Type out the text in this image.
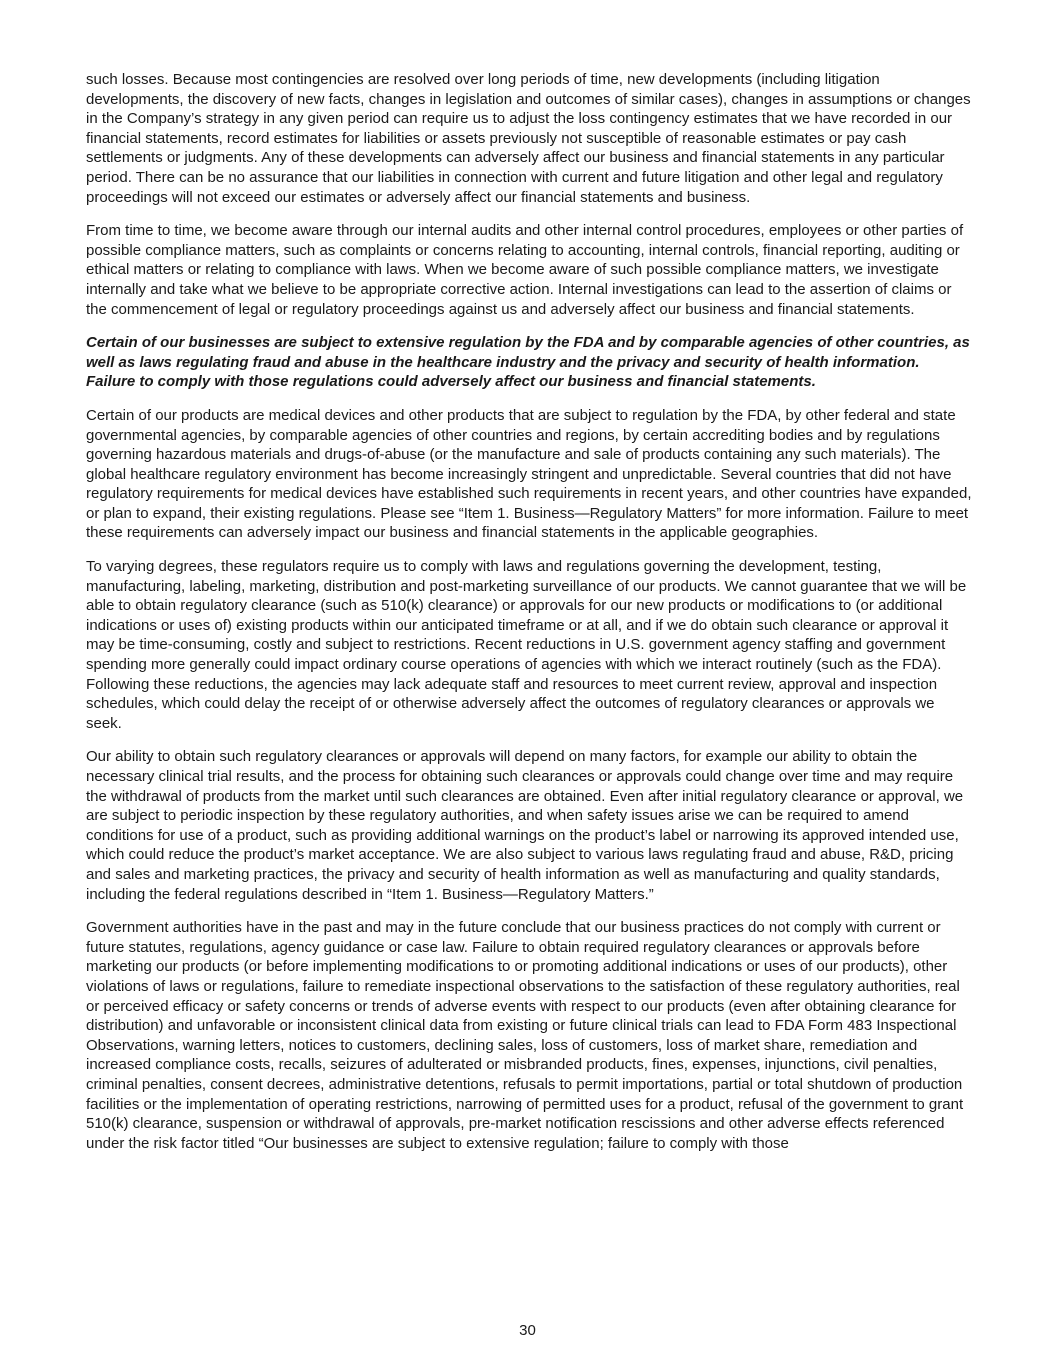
such losses. Because most contingencies are resolved over long periods of time, new developments (including litigation developments, the discovery of new facts, changes in legislation and outcomes of similar cases), changes in assumptions or changes in the Company’s strategy in any given period can require us to adjust the loss contingency estimates that we have recorded in our financial statements, record estimates for liabilities or assets previously not susceptible of reasonable estimates or pay cash settlements or judgments. Any of these developments can adversely affect our business and financial statements in any particular period. There can be no assurance that our liabilities in connection with current and future litigation and other legal and regulatory proceedings will not exceed our estimates or adversely affect our financial statements and business.

From time to time, we become aware through our internal audits and other internal control procedures, employees or other parties of possible compliance matters, such as complaints or concerns relating to accounting, internal controls, financial reporting, auditing or ethical matters or relating to compliance with laws. When we become aware of such possible compliance matters, we investigate internally and take what we believe to be appropriate corrective action. Internal investigations can lead to the assertion of claims or the commencement of legal or regulatory proceedings against us and adversely affect our business and financial statements.

Certain of our businesses are subject to extensive regulation by the FDA and by comparable agencies of other countries, as well as laws regulating fraud and abuse in the healthcare industry and the privacy and security of health information. Failure to comply with those regulations could adversely affect our business and financial statements.

Certain of our products are medical devices and other products that are subject to regulation by the FDA, by other federal and state governmental agencies, by comparable agencies of other countries and regions, by certain accrediting bodies and by regulations governing hazardous materials and drugs-of-abuse (or the manufacture and sale of products containing any such materials). The global healthcare regulatory environment has become increasingly stringent and unpredictable. Several countries that did not have regulatory requirements for medical devices have established such requirements in recent years, and other countries have expanded, or plan to expand, their existing regulations. Please see “Item 1. Business—Regulatory Matters” for more information. Failure to meet these requirements can adversely impact our business and financial statements in the applicable geographies.

To varying degrees, these regulators require us to comply with laws and regulations governing the development, testing, manufacturing, labeling, marketing, distribution and post-marketing surveillance of our products. We cannot guarantee that we will be able to obtain regulatory clearance (such as 510(k) clearance) or approvals for our new products or modifications to (or additional indications or uses of) existing products within our anticipated timeframe or at all, and if we do obtain such clearance or approval it may be time-consuming, costly and subject to restrictions. Recent reductions in U.S. government agency staffing and government spending more generally could impact ordinary course operations of agencies with which we interact routinely (such as the FDA). Following these reductions, the agencies may lack adequate staff and resources to meet current review, approval and inspection schedules, which could delay the receipt of or otherwise adversely affect the outcomes of regulatory clearances or approvals we seek.

Our ability to obtain such regulatory clearances or approvals will depend on many factors, for example our ability to obtain the necessary clinical trial results, and the process for obtaining such clearances or approvals could change over time and may require the withdrawal of products from the market until such clearances are obtained. Even after initial regulatory clearance or approval, we are subject to periodic inspection by these regulatory authorities, and when safety issues arise we can be required to amend conditions for use of a product, such as providing additional warnings on the product’s label or narrowing its approved intended use, which could reduce the product’s market acceptance. We are also subject to various laws regulating fraud and abuse, R&D, pricing and sales and marketing practices, the privacy and security of health information as well as manufacturing and quality standards, including the federal regulations described in “Item 1. Business—Regulatory Matters.”

Government authorities have in the past and may in the future conclude that our business practices do not comply with current or future statutes, regulations, agency guidance or case law. Failure to obtain required regulatory clearances or approvals before marketing our products (or before implementing modifications to or promoting additional indications or uses of our products), other violations of laws or regulations, failure to remediate inspectional observations to the satisfaction of these regulatory authorities, real or perceived efficacy or safety concerns or trends of adverse events with respect to our products (even after obtaining clearance for distribution) and unfavorable or inconsistent clinical data from existing or future clinical trials can lead to FDA Form 483 Inspectional Observations, warning letters, notices to customers, declining sales, loss of customers, loss of market share, remediation and increased compliance costs, recalls, seizures of adulterated or misbranded products, fines, expenses, injunctions, civil penalties, criminal penalties, consent decrees, administrative detentions, refusals to permit importations, partial or total shutdown of production facilities or the implementation of operating restrictions, narrowing of permitted uses for a product, refusal of the government to grant 510(k) clearance, suspension or withdrawal of approvals, pre-market notification rescissions and other adverse effects referenced under the risk factor titled “Our businesses are subject to extensive regulation; failure to comply with those

30
